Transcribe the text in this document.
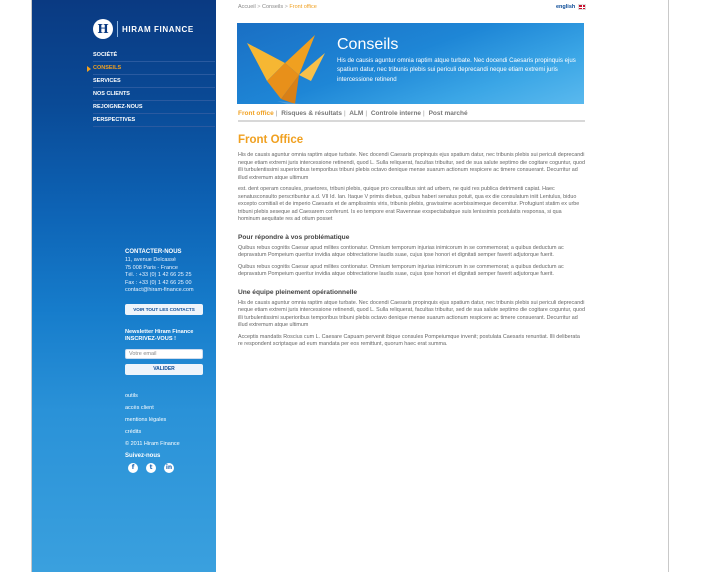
H HIRAM FINANCE
SOCIÉTÉ
CONSEILS
SERVICES
NOS CLIENTS
REJOIGNEZ-NOUS
PERSPECTIVES
CONTACTER-NOUS
11, avenue Delcassé
75 008 Paris - France
Tél. : +33 (0) 1 42 66 25 25
Fax : +33 (0) 1 42 66 25 00
contact@hiram-finance.com
VOIR TOUT LES CONTACTS
Newsletter Hiram Finance
INSCRIVEZ-VOUS !
Votre email
VALIDER
outils
accès client
mentions légales
crédits
© 2011 Hiram Finance
Suivez-nous
f	t	in
Accueil > Conseils > Front office	english
Conseils

His de causis aguntur omnia raptim atque turbate. Nec docendi Caesaris propinquis ejus spatium datur, nec tribunis plebis sui periculi deprecandi neque etiam extremi juris intercessione retinend

Front office | Risques & résultats | ALM | Controle interne | Post marché
Front Office

His de causis aguntur omnia raptim atque turbate. Nec docendi Caesaris propinquis ejus spatium datur, nec tribunis plebis sui periculi deprecandi neque etiam extremi juris intercessione retinendi, quod L. Sulla reliquerat, facultas tribuitur, sed de sua salute septimo die cogitare coguntur, quod illi turbulentissimi superioribus temporibus tribuni plebis octavo denique mense suarum actionum respicere ac timere consuerant. Decurritur ad illud extremum atque ultimum

est. dent operam consules, praetores, tribuni plebis, quique pro consulibus sint ad urbem, ne quid res publica detrimenti capiat. Haec senatusconsulto perscribuntur a.d. VII Id. Ian. Itaque V primis diebus, quibus haberi senatus potuit, qua ex die consulatum iniit Lentulus, biduo excepto comitiali et de imperio Caesaris et de amplissimis viris, tribunis plebis, gravissime acerbissimeque decernitur. Profugiunt statim ex urbe tribuni plebis seseque ad Caesarem conferunt. Is eo tempore erat Ravennae exspectabatque suis lenissimis postulatis responsa, si qua hominum aequitate res ad otium posset

Pour répondre à vos problématique

Quibus rebus cognitis Caesar apud milites contionatur. Omnium temporum injurias inimicorum in se commemorat; a quibus deductum ac depravatum Pompeium queritur invidia atque obtrectatione laudis suae, cujus ipse honori et dignitati semper faverit adjutorque fuerit.

Quibus rebus cognitis Caesar apud milites contionatur. Omnium temporum injurias inimicorum in se commemorat; a quibus deductum ac depravatum Pompeium queritur invidia atque obtrectatione laudis suae, cujus ipse honori et dignitati semper faverit adjutorque fuerit.

Une équipe pleinement opérationnelle

His de causis aguntur omnia raptim atque turbate. Nec docendi Caesaris propinquis ejus spatium datur, nec tribunis plebis sui periculi deprecandi neque etiam extremi juris intercessione retinendi, quod L. Sulla reliquerat, facultas tribuitur, sed de sua salute septimo die cogitare coguntur, quod illi turbulentissimi superioribus temporibus tribuni plebis octavo denique mense suarum actionum respicere ac timere consuerant. Decurritur ad illud extremum atque ultimum

Acceptis mandatis Roscius cum L. Caesare Capuam pervenit ibique consules Pompeiumque invenit; postulata Caesaris renuntiat. Illi deliberata re respondent scriptaque ad eum mandata per eos remittunt, quorum haec erat summa.
